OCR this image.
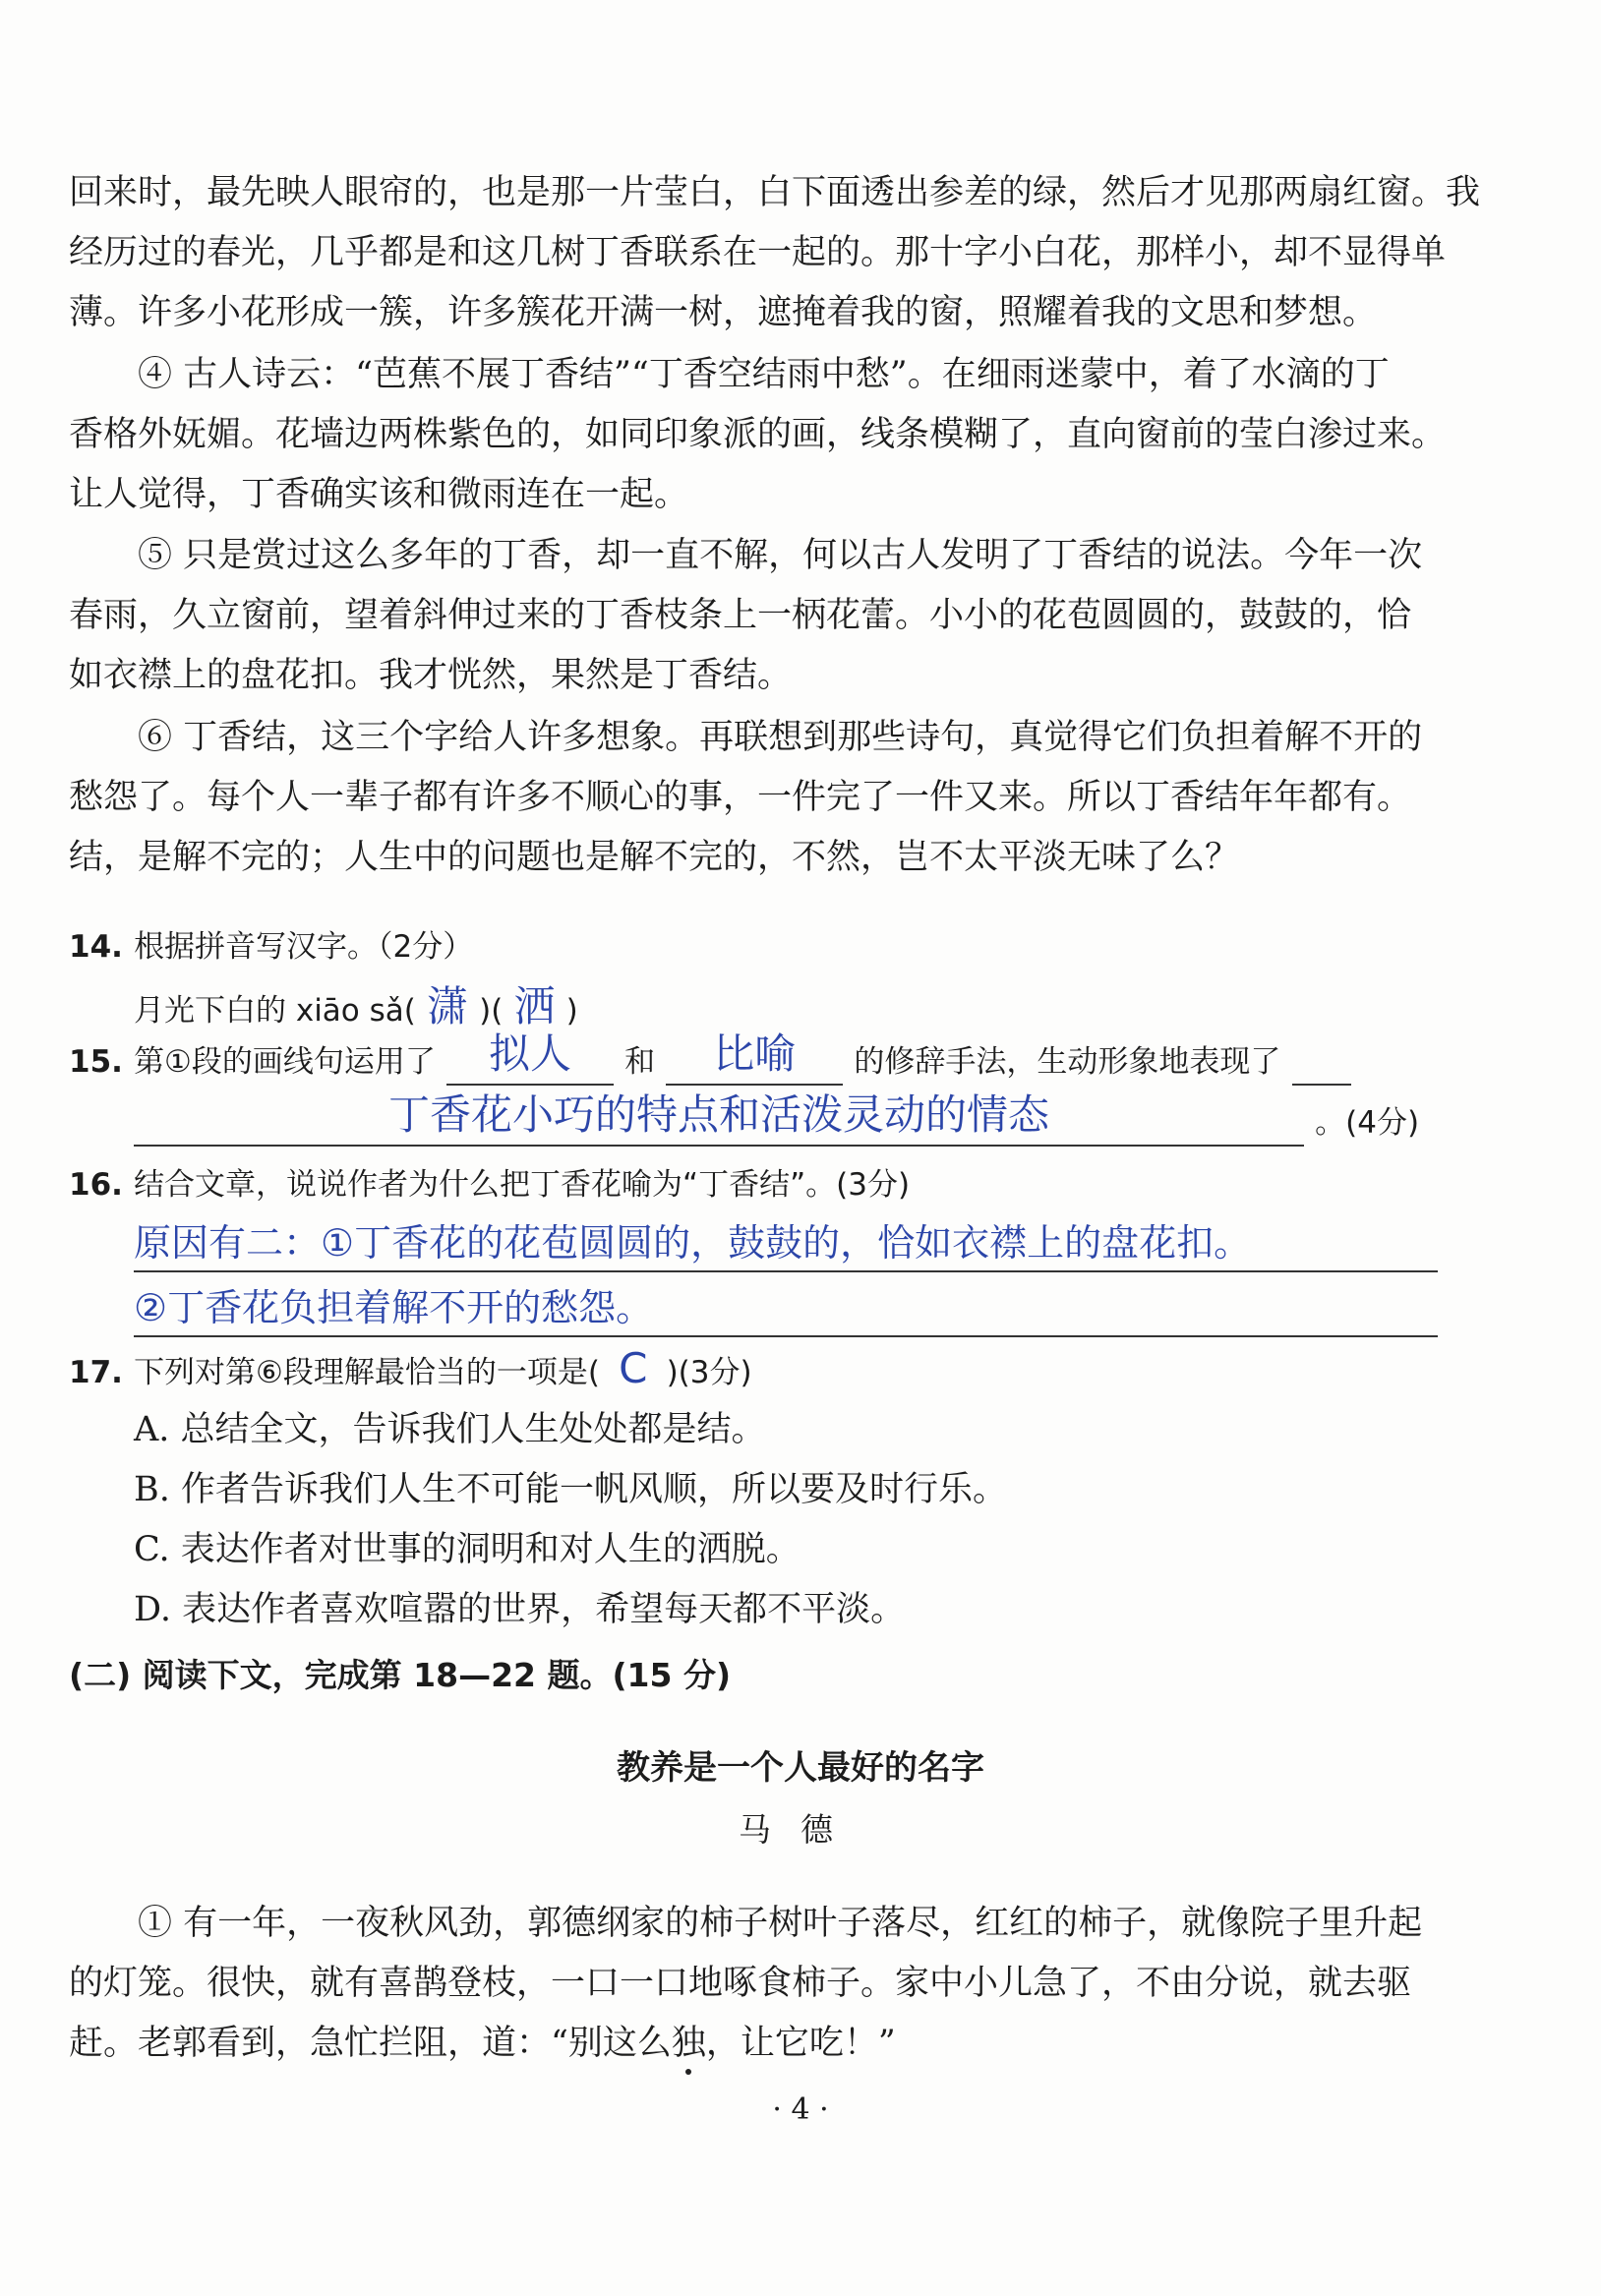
回来时，最先映人眼帘的，也是那一片莹白，白下面透出参差的绿，然后才见那两扇红窗。我
经历过的春光，几乎都是和这几树丁香联系在一起的。那十字小白花，那样小，却不显得单
薄。许多小花形成一簇，许多簇花开满一树，遮掩着我的窗，照耀着我的文思和梦想。
④ 古人诗云：“芭蕉不展丁香结”“丁香空结雨中愁”。在细雨迷蒙中，着了水滴的丁
香格外妩媚。花墙边两株紫色的，如同印象派的画，线条模糊了，直向窗前的莹白渗过来。
让人觉得，丁香确实该和微雨连在一起。
⑤ 只是赏过这么多年的丁香，却一直不解，何以古人发明了丁香结的说法。今年一次
春雨，久立窗前，望着斜伸过来的丁香枝条上一柄花蕾。小小的花苞圆圆的，鼓鼓的，恰
如衣襟上的盘花扣。我才恍然，果然是丁香结。
⑥ 丁香结，这三个字给人许多想象。再联想到那些诗句，真觉得它们负担着解不开的
愁怨了。每个人一辈子都有许多不顺心的事，一件完了一件又来。所以丁香结年年都有。
结，是解不完的；人生中的问题也是解不完的，不然，岂不太平淡无味了么？
14. 根据拼音写汉字。（2分）
月光下白的 xiāo sǎ( 潇 )( 洒 )
15. 第①段的画线句运用了 拟人 和 比喻 的修辞手法，生动形象地表现了
丁香花小巧的特点和活泼灵动的情态	。(4分)
16. 结合文章，说说作者为什么把丁香花喻为“丁香结”。(3分)
原因有二：①丁香花的花苞圆圆的，鼓鼓的，恰如衣襟上的盘花扣。
②丁香花负担着解不开的愁怨。
17. 下列对第⑥段理解最恰当的一项是( C )(3分)
A. 总结全文，告诉我们人生处处都是结。
B. 作者告诉我们人生不可能一帆风顺，所以要及时行乐。
C. 表达作者对世事的洞明和对人生的洒脱。
D. 表达作者喜欢喧嚣的世界，希望每天都不平淡。
(二) 阅读下文，完成第 18—22 题。(15 分)
教养是一个人最好的名字
马德
① 有一年，一夜秋风劲，郭德纲家的柿子树叶子落尽，红红的柿子，就像院子里升起
的灯笼。很快，就有喜鹊登枝，一口一口地啄食柿子。家中小儿急了，不由分说，就去驱
赶。老郭看到，急忙拦阻，道：“别这么独，让它吃！”
· 4 ·
